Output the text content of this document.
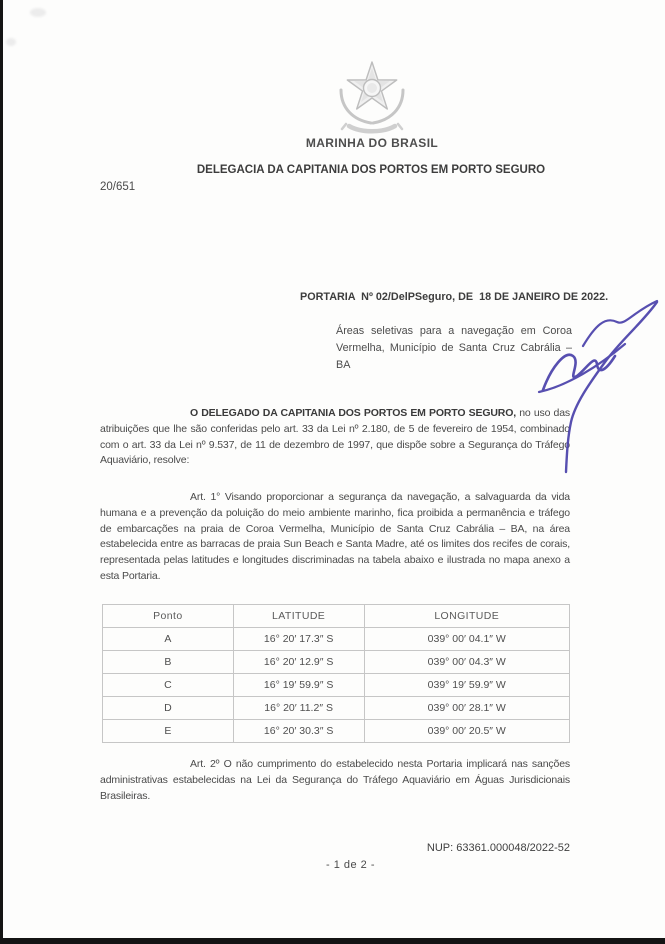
MARINHA DO BRASIL
DELEGACIA DA CAPITANIA DOS PORTOS EM PORTO SEGURO
20/651
PORTARIA  Nº 02/DelPSeguro, DE  18 DE JANEIRO DE 2022.
Áreas seletivas para a navegação em Coroa Vermelha, Município de Santa Cruz Cabrália – BA

O DELEGADO DA CAPITANIA DOS PORTOS EM PORTO SEGURO, no uso das atribuições que lhe são conferidas pelo art. 33 da Lei nº 2.180, de 5 de fevereiro de 1954, combinado com o art. 33 da Lei nº 9.537, de 11 de dezembro de 1997, que dispõe sobre a Segurança do Tráfego Aquaviário, resolve:

Art. 1° Visando proporcionar a segurança da navegação, a salvaguarda da vida humana e a prevenção da poluição do meio ambiente marinho, fica proibida a permanência e tráfego de embarcações na praia de Coroa Vermelha, Município de Santa Cruz Cabrália – BA, na área estabelecida entre as barracas de praia Sun Beach e Santa Madre, até os limites dos recifes de corais, representada pelas latitudes e longitudes discriminadas na tabela abaixo e ilustrada no mapa anexo a esta Portaria.

Ponto	LATITUDE	LONGITUDE
A	16° 20′ 17.3″ S	039° 00′ 04.1″ W
B	16° 20′ 12.9″ S	039° 00′ 04.3″ W
C	16° 19′ 59.9″ S	039° 19′ 59.9″ W
D	16° 20′ 11.2″ S	039° 00′ 28.1″ W
E	16° 20′ 30.3″ S	039° 00′ 20.5″ W

Art. 2º O não cumprimento do estabelecido nesta Portaria implicará nas sanções administrativas estabelecidas na Lei da Segurança do Tráfego Aquaviário em Águas Jurisdicionais Brasileiras.

NUP: 63361.000048/2022-52
- 1 de 2 -
